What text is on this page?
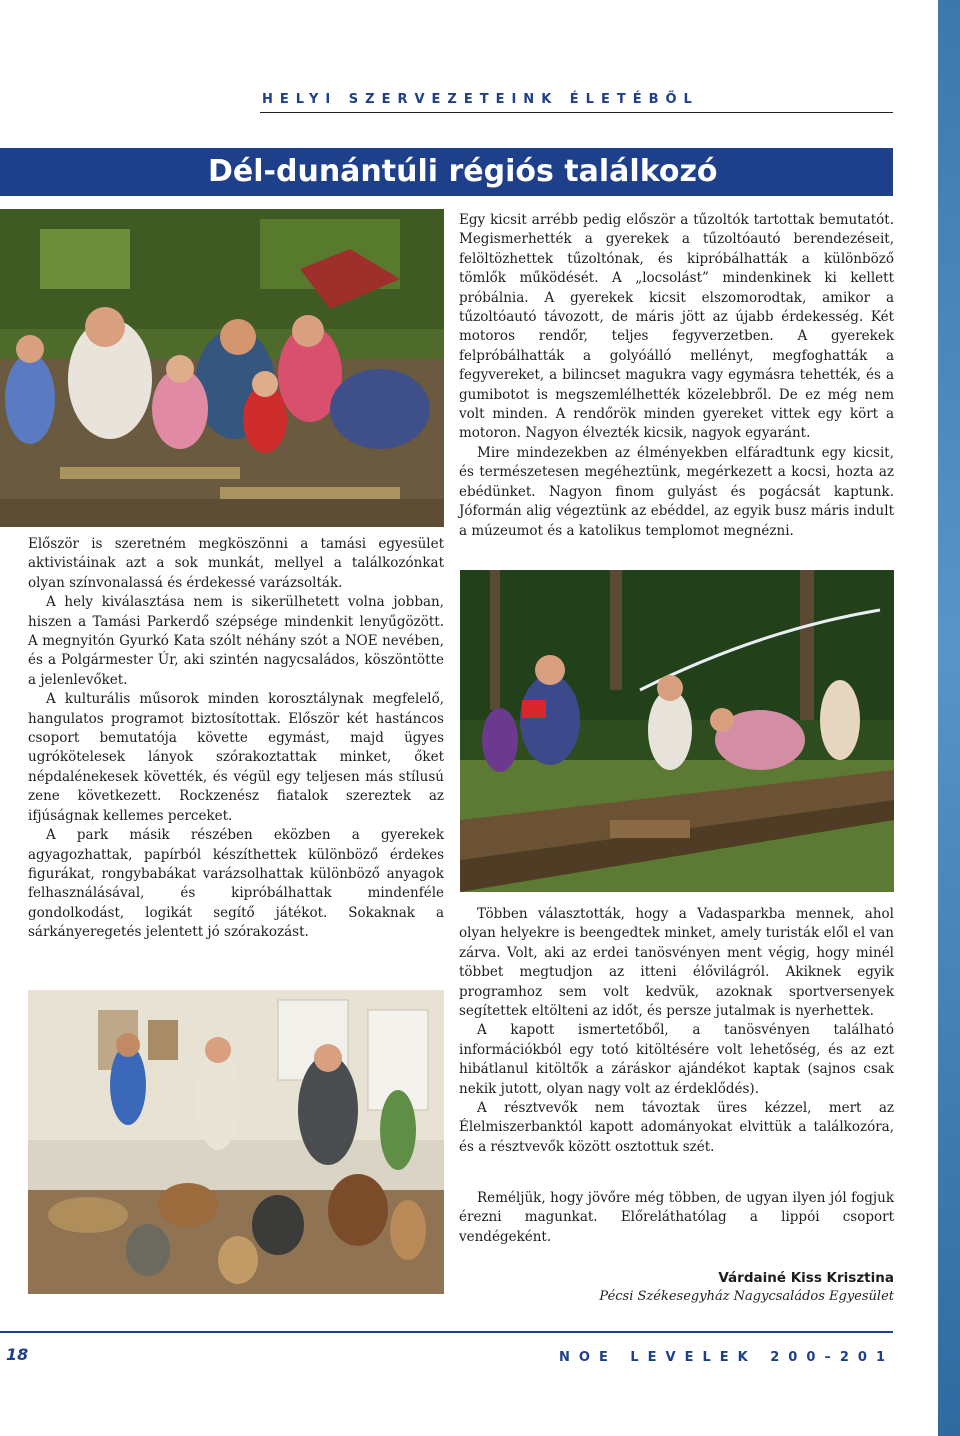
HELYI SZERVEZETEINK ÉLETÉBŐL
Dél-dunántúli régiós találkozó

Először is szeretném megköszönni a tamási egyesület aktivistáinak azt a sok munkát, mellyel a találkozónkat olyan színvonalassá és érdekessé varázsolták.

A hely kiválasztása nem is sikerülhetett volna jobban, hiszen a Tamási Parkerdő szépsége mindenkit lenyűgözött. A megnyitón Gyurkó Kata szólt néhány szót a NOE nevében, és a Polgármester Úr, aki szintén nagycsaládos, köszöntötte a jelenlevőket.

A kulturális műsorok minden korosztálynak megfelelő, hangulatos programot biztosítottak. Először két hastáncos csoport bemutatója követte egymást, majd ügyes ugrókötelesek lányok szórakoztattak minket, őket népdalénekesek követték, és végül egy teljesen más stílusú zene következett. Rockzenész fiatalok szereztek az ifjúságnak kellemes perceket.

A park másik részében eközben a gyerekek agyagozhattak, papírból készíthettek különböző érdekes figurákat, rongybabákat varázsolhattak különböző anyagok felhasználásával, és kipróbálhattak mindenféle gondolkodást, logikát segítő játékot. Sokaknak a sárkányeregetés jelentett jó szórakozást.

Egy kicsit arrébb pedig először a tűzoltók tartottak bemutatót. Megismerhették a gyerekek a tűzoltóautó berendezéseit, felöltözhettek tűzoltónak, és kipróbálhatták a különböző tömlők működését. A „locsolást” mindenkinek ki kellett próbálnia. A gyerekek kicsit elszomorodtak, amikor a tűzoltóautó távozott, de máris jött az újabb érdekesség. Két motoros rendőr, teljes fegyverzetben. A gyerekek felpróbálhatták a golyóálló mellényt, megfoghatták a fegyvereket, a bilincset magukra vagy egymásra tehették, és a gumibotot is megszemlélhették közelebbről. De ez még nem volt minden. A rendőrök minden gyereket vittek egy kört a motoron. Nagyon élvezték kicsik, nagyok egyaránt.

Mire mindezekben az élményekben elfáradtunk egy kicsit, és természetesen megéheztünk, megérkezett a kocsi, hozta az ebédünket. Nagyon finom gulyást és pogácsát kaptunk. Jóformán alig végeztünk az ebéddel, az egyik busz máris indult a múzeumot és a katolikus templomot megnézni.

Többen választották, hogy a Vadasparkba mennek, ahol olyan helyekre is beengedtek minket, amely turisták elől el van zárva. Volt, aki az erdei tanösvényen ment végig, hogy minél többet megtudjon az itteni élővilágról. Akiknek egyik programhoz sem volt kedvük, azoknak sportversenyek segítettek eltölteni az időt, és persze jutalmak is nyerhettek.

A kapott ismertetőből, a tanösvényen található információkból egy totó kitöltésére volt lehetőség, és az ezt hibátlanul kitöltők a záráskor ajándékot kaptak (sajnos csak nekik jutott, olyan nagy volt az érdeklődés).

A résztvevők nem távoztak üres kézzel, mert az Élelmiszerbanktól kapott adományokat elvittük a találkozóra, és a résztvevők között osztottuk szét.

Reméljük, hogy jövőre még többen, de ugyan ilyen jól fogjuk érezni magunkat. Előreláthatólag a lippói csoport vendégeként.

Várdainé Kiss Krisztina
Pécsi Székesegyház Nagycsaládos Egyesület
18	NOE LEVELEK 200–201
